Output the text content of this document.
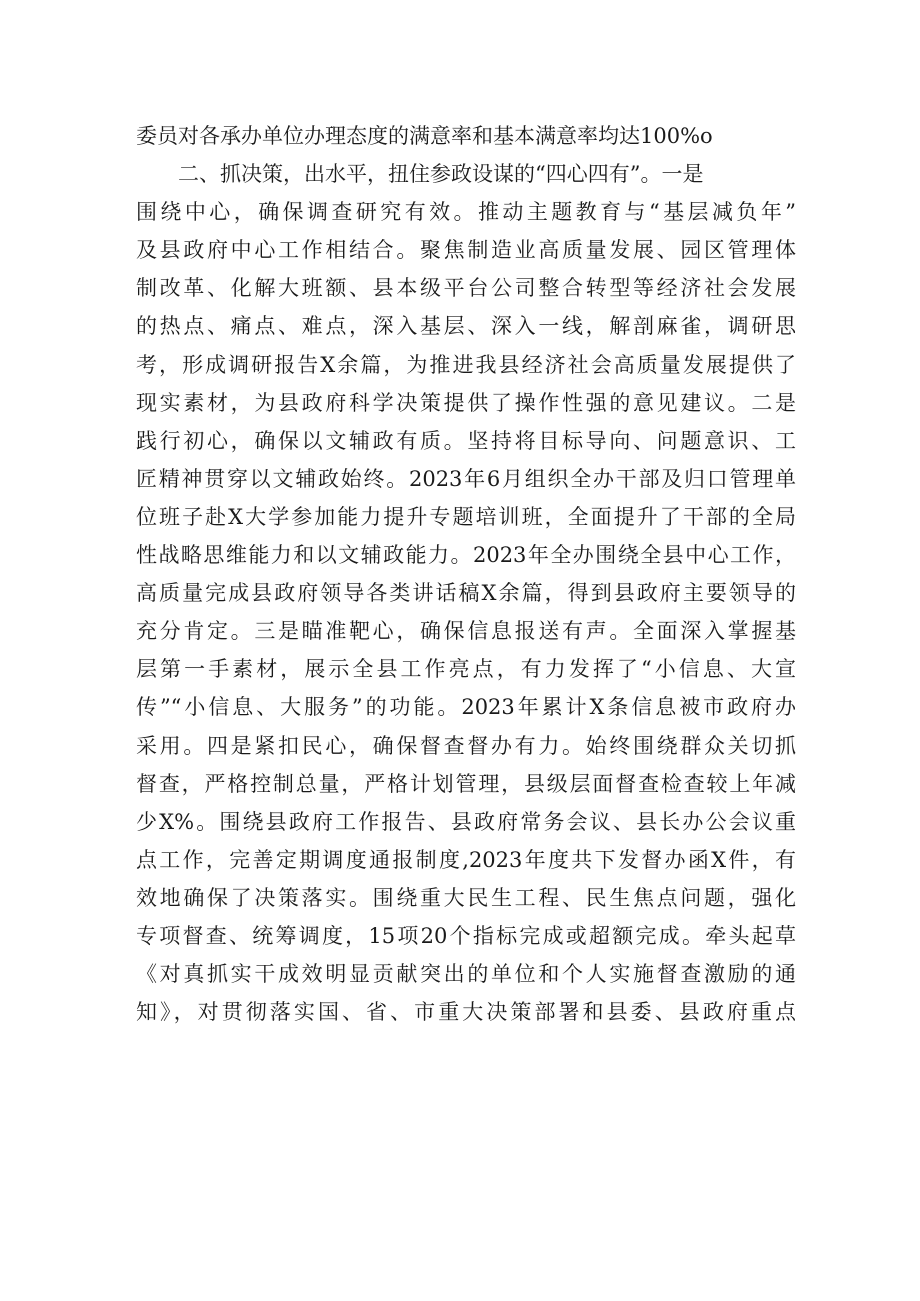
委员对各承办单位办理态度的满意率和基本满意率均达100%o
　　二、抓决策，出水平，扭住参政设谋的“四心四有”。一是
围绕中心，确保调查研究有效。推动主题教育与“基层减负年”
及县政府中心工作相结合。聚焦制造业高质量发展、园区管理体
制改革、化解大班额、县本级平台公司整合转型等经济社会发展
的热点、痛点、难点，深入基层、深入一线，解剖麻雀，调研思
考，形成调研报告X余篇，为推进我县经济社会高质量发展提供了
现实素材，为县政府科学决策提供了操作性强的意见建议。二是
践行初心，确保以文辅政有质。坚持将目标导向、问题意识、工
匠精神贯穿以文辅政始终。2023年6月组织全办干部及归口管理单
位班子赴X大学参加能力提升专题培训班，全面提升了干部的全局
性战略思维能力和以文辅政能力。2023年全办围绕全县中心工作，
高质量完成县政府领导各类讲话稿X余篇，得到县政府主要领导的
充分肯定。三是瞄准靶心，确保信息报送有声。全面深入掌握基
层第一手素材，展示全县工作亮点，有力发挥了“小信息、大宣
传”“小信息、大服务”的功能。2023年累计X条信息被市政府办
采用。四是紧扣民心，确保督查督办有力。始终围绕群众关切抓
督查，严格控制总量，严格计划管理，县级层面督查检查较上年减
少X%。围绕县政府工作报告、县政府常务会议、县长办公会议重
点工作，完善定期调度通报制度,2023年度共下发督办函X件，有
效地确保了决策落实。围绕重大民生工程、民生焦点问题，强化
专项督查、统筹调度，15项20个指标完成或超额完成。牵头起草
《对真抓实干成效明显贡献突出的单位和个人实施督查激励的通
知》，对贯彻落实国、省、市重大决策部署和县委、县政府重点
